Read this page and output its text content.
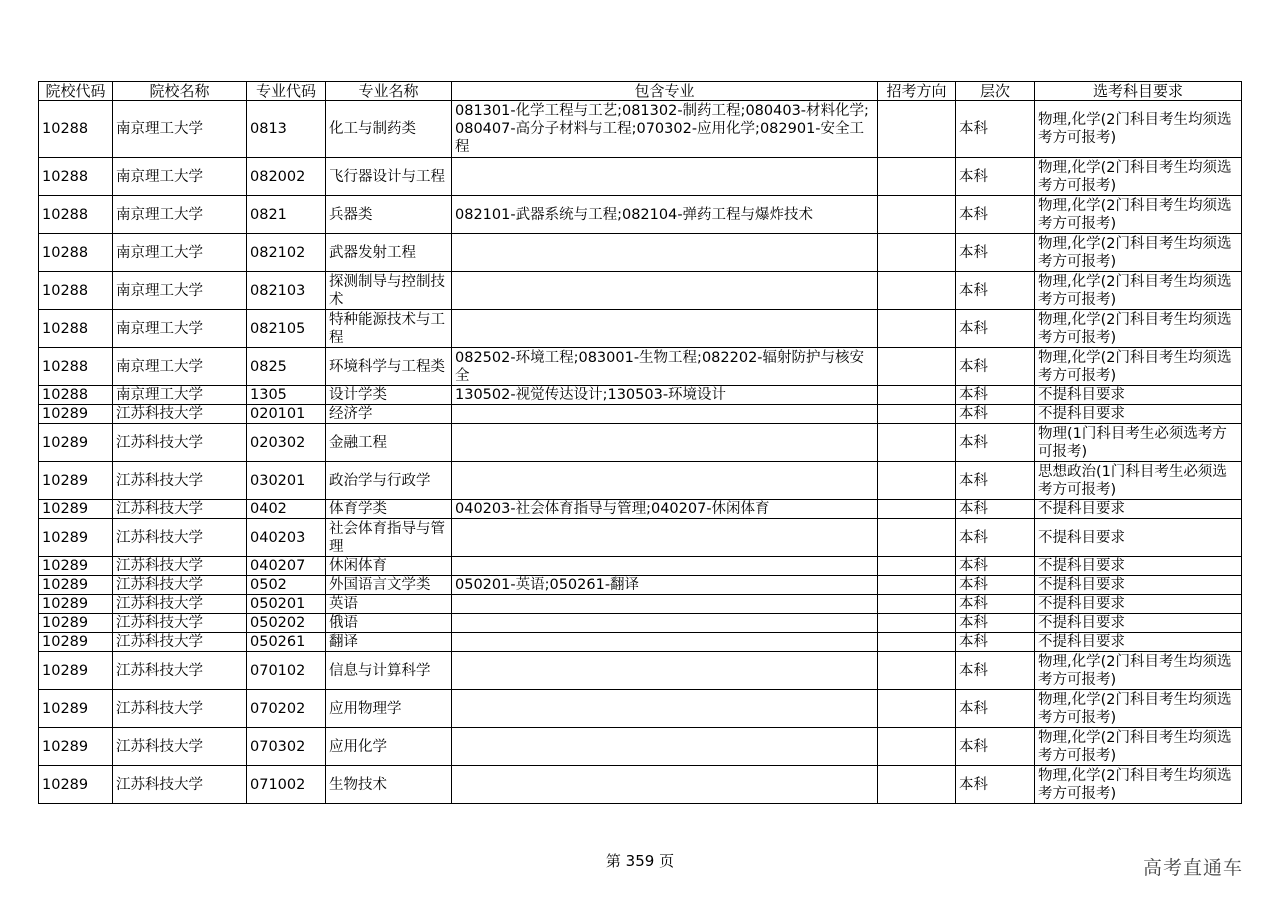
院校代码	院校名称	专业代码	专业名称	包含专业	招考方向	层次	选考科目要求
10288	南京理工大学	0813	化工与制药类	081301-化学工程与工艺;081302-制药工程;080403-材料化学;080407-高分子材料与工程;070302-应用化学;082901-安全工程		本科	物理,化学(2门科目考生均须选考方可报考)
10288	南京理工大学	082002	飞行器设计与工程			本科	物理,化学(2门科目考生均须选考方可报考)
10288	南京理工大学	0821	兵器类	082101-武器系统与工程;082104-弹药工程与爆炸技术		本科	物理,化学(2门科目考生均须选考方可报考)
10288	南京理工大学	082102	武器发射工程			本科	物理,化学(2门科目考生均须选考方可报考)
10288	南京理工大学	082103	探测制导与控制技术			本科	物理,化学(2门科目考生均须选考方可报考)
10288	南京理工大学	082105	特种能源技术与工程			本科	物理,化学(2门科目考生均须选考方可报考)
10288	南京理工大学	0825	环境科学与工程类	082502-环境工程;083001-生物工程;082202-辐射防护与核安全		本科	物理,化学(2门科目考生均须选考方可报考)
10288	南京理工大学	1305	设计学类	130502-视觉传达设计;130503-环境设计		本科	不提科目要求
10289	江苏科技大学	020101	经济学			本科	不提科目要求
10289	江苏科技大学	020302	金融工程			本科	物理(1门科目考生必须选考方可报考)
10289	江苏科技大学	030201	政治学与行政学			本科	思想政治(1门科目考生必须选考方可报考)
10289	江苏科技大学	0402	体育学类	040203-社会体育指导与管理;040207-休闲体育		本科	不提科目要求
10289	江苏科技大学	040203	社会体育指导与管理			本科	不提科目要求
10289	江苏科技大学	040207	休闲体育			本科	不提科目要求
10289	江苏科技大学	0502	外国语言文学类	050201-英语;050261-翻译		本科	不提科目要求
10289	江苏科技大学	050201	英语			本科	不提科目要求
10289	江苏科技大学	050202	俄语			本科	不提科目要求
10289	江苏科技大学	050261	翻译			本科	不提科目要求
10289	江苏科技大学	070102	信息与计算科学			本科	物理,化学(2门科目考生均须选考方可报考)
10289	江苏科技大学	070202	应用物理学			本科	物理,化学(2门科目考生均须选考方可报考)
10289	江苏科技大学	070302	应用化学			本科	物理,化学(2门科目考生均须选考方可报考)
10289	江苏科技大学	071002	生物技术			本科	物理,化学(2门科目考生均须选考方可报考)
第 359 页	高考直通车
